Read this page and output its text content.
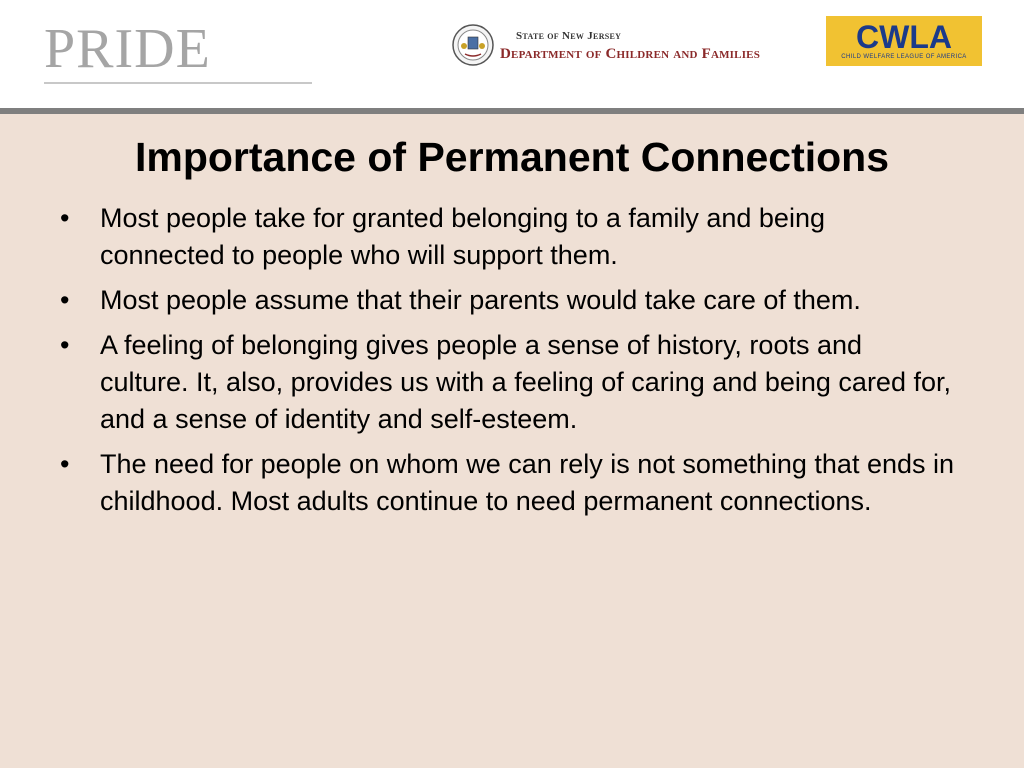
PRIDE	State of New Jersey
Department of Children and Families	CWLA
CHILD WELFARE LEAGUE OF AMERICA
Importance of Permanent Connections
•	Most people take for granted belonging to a family and being connected to people who will support them.
•	Most people assume that their parents would take care of them.
•	A feeling of belonging gives people a sense of history, roots and culture. It, also, provides us with a feeling of caring and being cared for, and a sense of identity and self-esteem.
•	The need for people on whom we can rely is not something that ends in childhood. Most adults continue to need permanent connections.
